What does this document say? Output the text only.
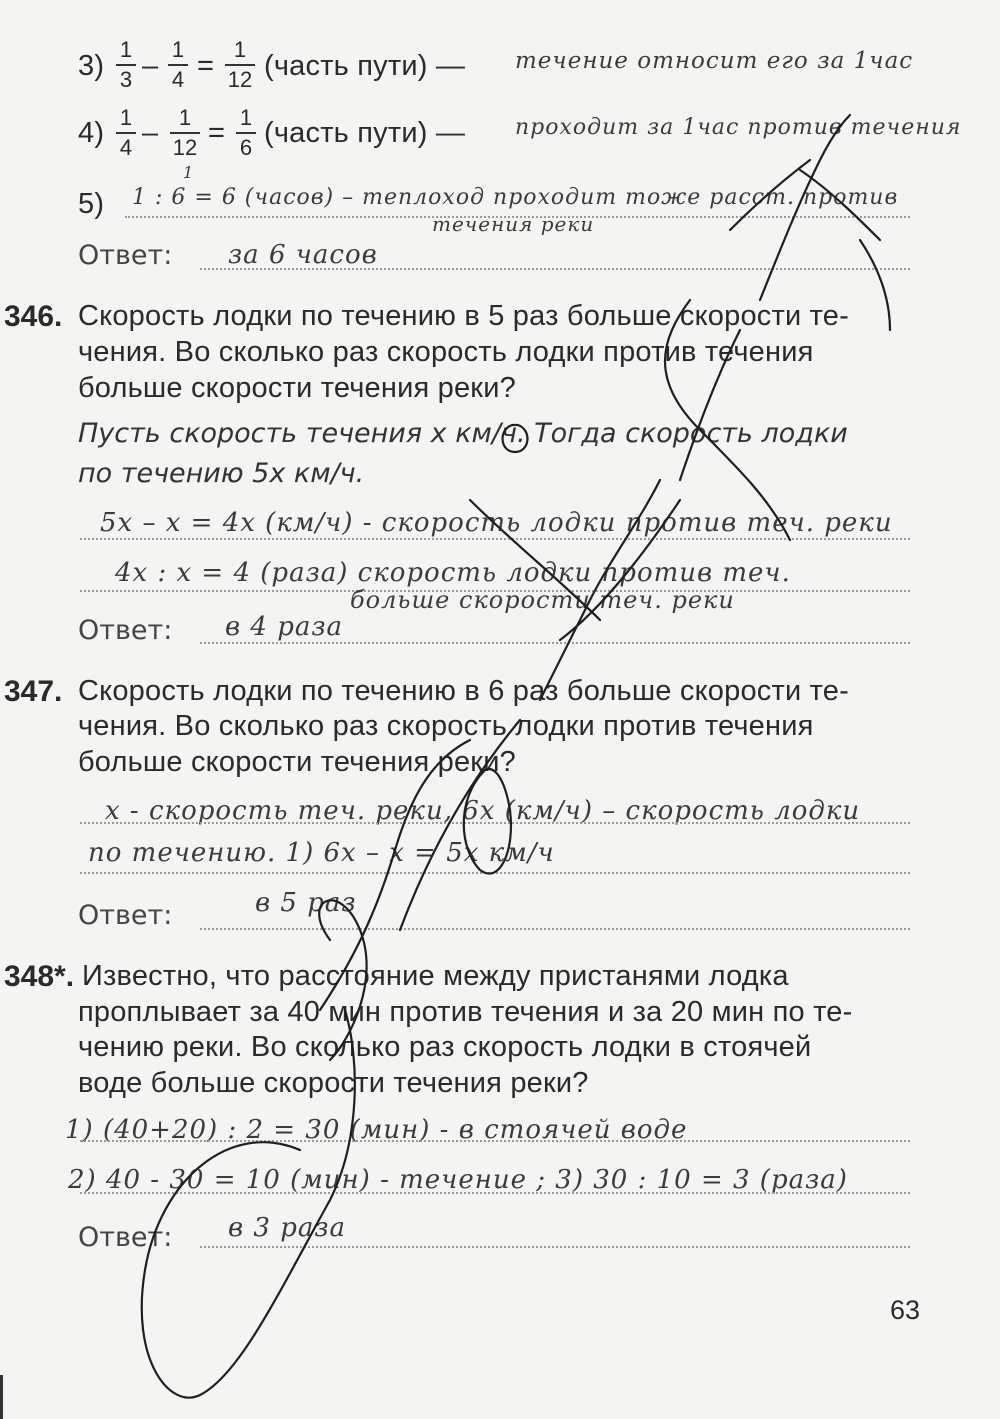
3)
1
3 –
1
4 =
1
12 (часть пути) — течение относит его за 1час
4) 1
4 – 1
12 = 1
6 (часть пути) — проходит за 1час против течения
5)
1
1 : 6 = 6 (часов) – теплоход проходит тоже расст. против
течения реки
Ответ: за 6 часов
346. Скорость лодки по течению в 5 раз больше скорости те-
чения. Во сколько раз скорость лодки против течения
больше скорости течения реки?
Пусть скорость течения x км/ч. Тогда скорость лодки
по течению 5x км/ч.
5x – x = 4x (км/ч) - скорость лодки против теч. реки
4x : x = 4 (раза) скорость лодки против теч.
больше скорости теч. реки
Ответ: в 4 раза
347. Скорость лодки по течению в 6 раз больше скорости те-
чения. Во сколько раз скорость лодки против течения
больше скорости течения реки?
x - скорость теч. реки, 6x (км/ч) – скорость лодки
по течению. 1) 6x – x = 5x км/ч
Ответ:	в 5 раз
348*. Известно, что расстояние между пристанями лодка
проплывает за 40 мин против течения и за 20 мин по те-
чению реки. Во сколько раз скорость лодки в стоячей
воде больше скорости течения реки?
1) (40+20) : 2 = 30 (мин) - в стоячей воде
2) 40 - 30 = 10 (мин) - течение ; 3) 30 : 10 = 3 (раза)
Ответ: в 3 раза
63
